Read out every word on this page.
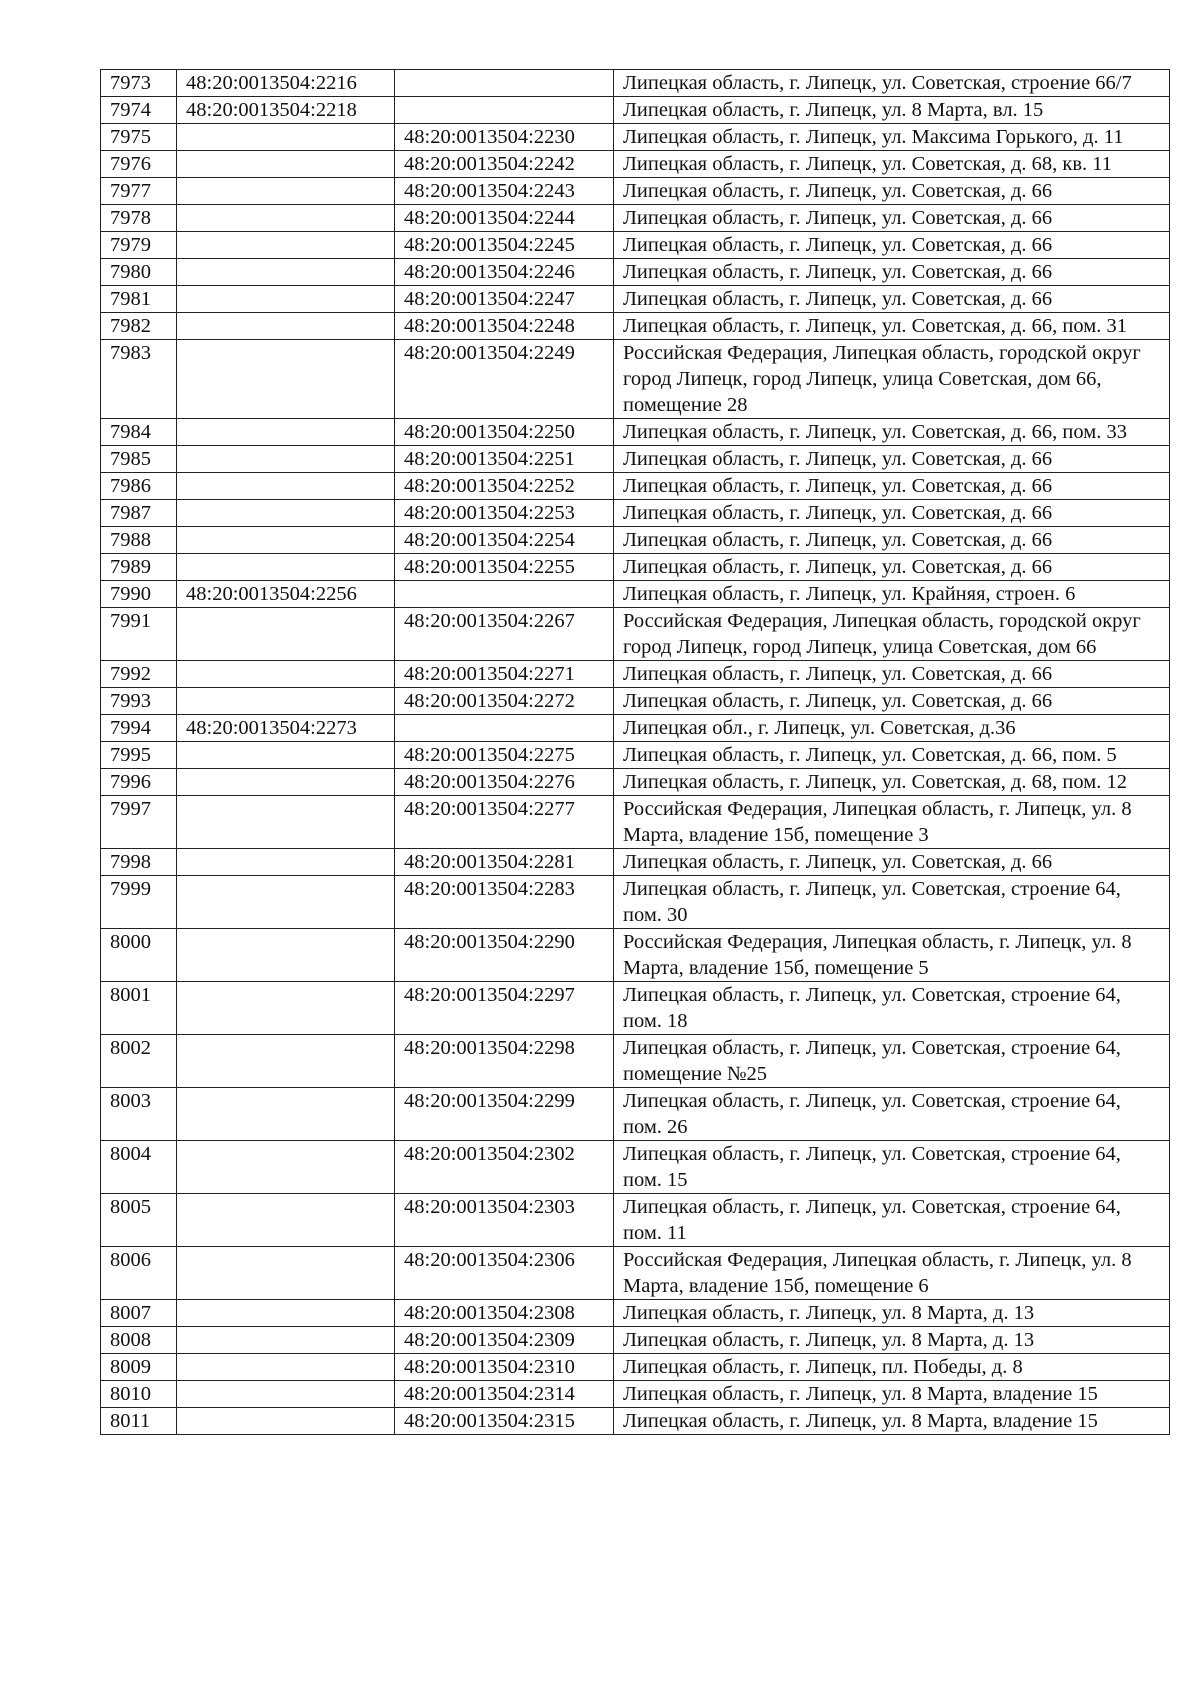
7973	48:20:0013504:2216		Липецкая область, г. Липецк, ул. Советская, строение 66/7
7974	48:20:0013504:2218		Липецкая область, г. Липецк, ул. 8 Марта, вл. 15
7975		48:20:0013504:2230	Липецкая область, г. Липецк, ул. Максима Горького, д. 11
7976		48:20:0013504:2242	Липецкая область, г. Липецк, ул. Советская, д. 68, кв. 11
7977		48:20:0013504:2243	Липецкая область, г. Липецк, ул. Советская, д. 66
7978		48:20:0013504:2244	Липецкая область, г. Липецк, ул. Советская, д. 66
7979		48:20:0013504:2245	Липецкая область, г. Липецк, ул. Советская, д. 66
7980		48:20:0013504:2246	Липецкая область, г. Липецк, ул. Советская, д. 66
7981		48:20:0013504:2247	Липецкая область, г. Липецк, ул. Советская, д. 66
7982		48:20:0013504:2248	Липецкая область, г. Липецк, ул. Советская, д. 66, пом. 31
7983		48:20:0013504:2249	Российская Федерация, Липецкая область, городской округ город Липецк, город Липецк, улица Советская, дом 66, помещение 28
7984		48:20:0013504:2250	Липецкая область, г. Липецк, ул. Советская, д. 66, пом. 33
7985		48:20:0013504:2251	Липецкая область, г. Липецк, ул. Советская, д. 66
7986		48:20:0013504:2252	Липецкая область, г. Липецк, ул. Советская, д. 66
7987		48:20:0013504:2253	Липецкая область, г. Липецк, ул. Советская, д. 66
7988		48:20:0013504:2254	Липецкая область, г. Липецк, ул. Советская, д. 66
7989		48:20:0013504:2255	Липецкая область, г. Липецк, ул. Советская, д. 66
7990	48:20:0013504:2256		Липецкая область, г. Липецк, ул. Крайняя, строен. 6
7991		48:20:0013504:2267	Российская Федерация, Липецкая область, городской округ город Липецк, город Липецк, улица Советская, дом 66
7992		48:20:0013504:2271	Липецкая область, г. Липецк, ул. Советская, д. 66
7993		48:20:0013504:2272	Липецкая область, г. Липецк, ул. Советская, д. 66
7994	48:20:0013504:2273		Липецкая обл., г. Липецк, ул. Советская, д.36
7995		48:20:0013504:2275	Липецкая область, г. Липецк, ул. Советская, д. 66, пом. 5
7996		48:20:0013504:2276	Липецкая область, г. Липецк, ул. Советская, д. 68, пом. 12
7997		48:20:0013504:2277	Российская Федерация, Липецкая область, г. Липецк, ул. 8 Марта, владение 15б, помещение 3
7998		48:20:0013504:2281	Липецкая область, г. Липецк, ул. Советская, д. 66
7999		48:20:0013504:2283	Липецкая область, г. Липецк, ул. Советская, строение 64, пом. 30
8000		48:20:0013504:2290	Российская Федерация, Липецкая область, г. Липецк, ул. 8 Марта, владение 15б, помещение 5
8001		48:20:0013504:2297	Липецкая область, г. Липецк, ул. Советская, строение 64, пом. 18
8002		48:20:0013504:2298	Липецкая область, г. Липецк, ул. Советская, строение 64, помещение №25
8003		48:20:0013504:2299	Липецкая область, г. Липецк, ул. Советская, строение 64, пом. 26
8004		48:20:0013504:2302	Липецкая область, г. Липецк, ул. Советская, строение 64, пом. 15
8005		48:20:0013504:2303	Липецкая область, г. Липецк, ул. Советская, строение 64, пом. 11
8006		48:20:0013504:2306	Российская Федерация, Липецкая область, г. Липецк, ул. 8 Марта, владение 15б, помещение 6
8007		48:20:0013504:2308	Липецкая область, г. Липецк, ул. 8 Марта, д. 13
8008		48:20:0013504:2309	Липецкая область, г. Липецк, ул. 8 Марта, д. 13
8009		48:20:0013504:2310	Липецкая область, г. Липецк, пл. Победы, д. 8
8010		48:20:0013504:2314	Липецкая область, г. Липецк, ул. 8 Марта, владение 15
8011		48:20:0013504:2315	Липецкая область, г. Липецк, ул. 8 Марта, владение 15
